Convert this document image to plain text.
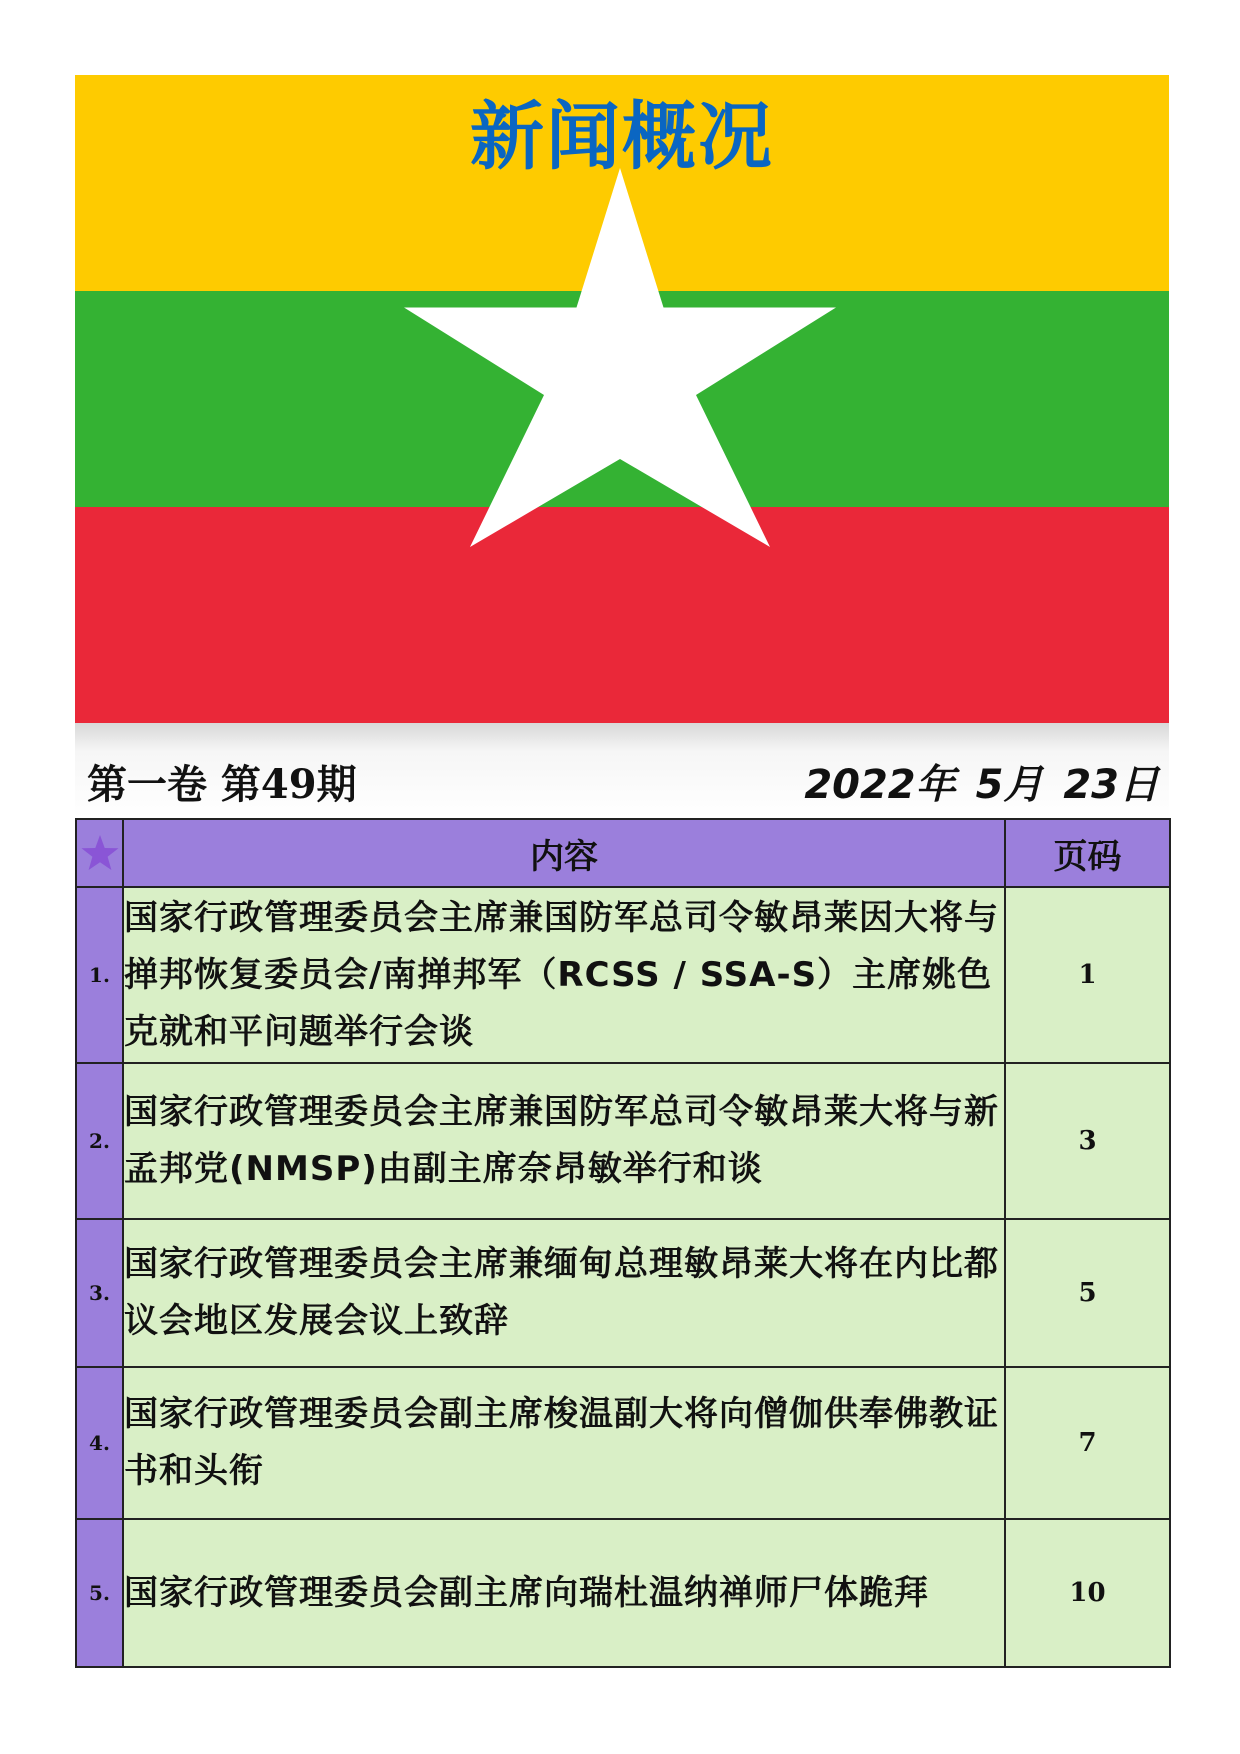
新闻概况
第一卷 第49期	2022年 5月 23日
	内容	页码
1.	国家行政管理委员会主席兼国防军总司令敏昂莱因大将与掸邦恢复委员会/南掸邦军（RCSS / SSA-S）主席姚色克就和平问题举行会谈	1
2.	国家行政管理委员会主席兼国防军总司令敏昂莱大将与新孟邦党(NMSP)由副主席奈昂敏举行和谈	3
3.	国家行政管理委员会主席兼缅甸总理敏昂莱大将在内比都议会地区发展会议上致辞	5
4.	国家行政管理委员会副主席梭温副大将向僧伽供奉佛教证书和头衔	7
5.	国家行政管理委员会副主席向瑞杜温纳禅师尸体跪拜	10
